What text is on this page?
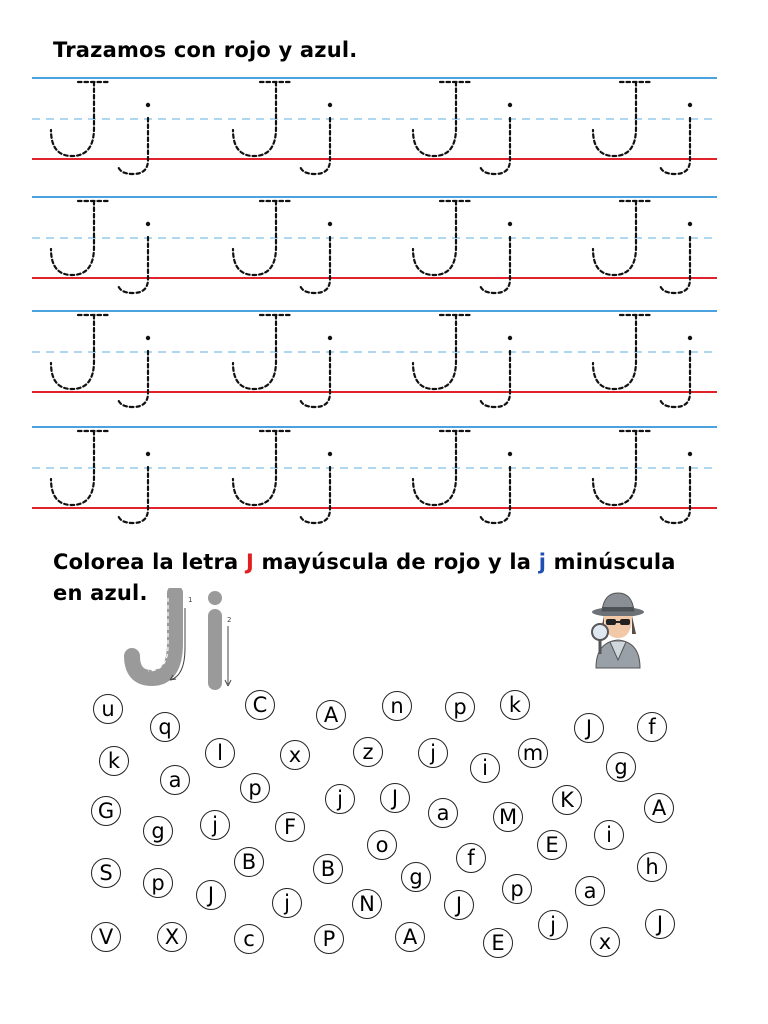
Trazamos con rojo y azul.
Colorea la letra J mayúscula de rojo y la j minúscula en azul.	1
2
u
q
C	A	n	p	k
J	f
k	l	x	z	j
i
m
g
a	p	j	J
a	M
K	A
G
g	j	F
o	E	i
S	B	B	f
g	h
p	J	j	N	J
p	a
V	X	c	P	A	E
j
x
J
